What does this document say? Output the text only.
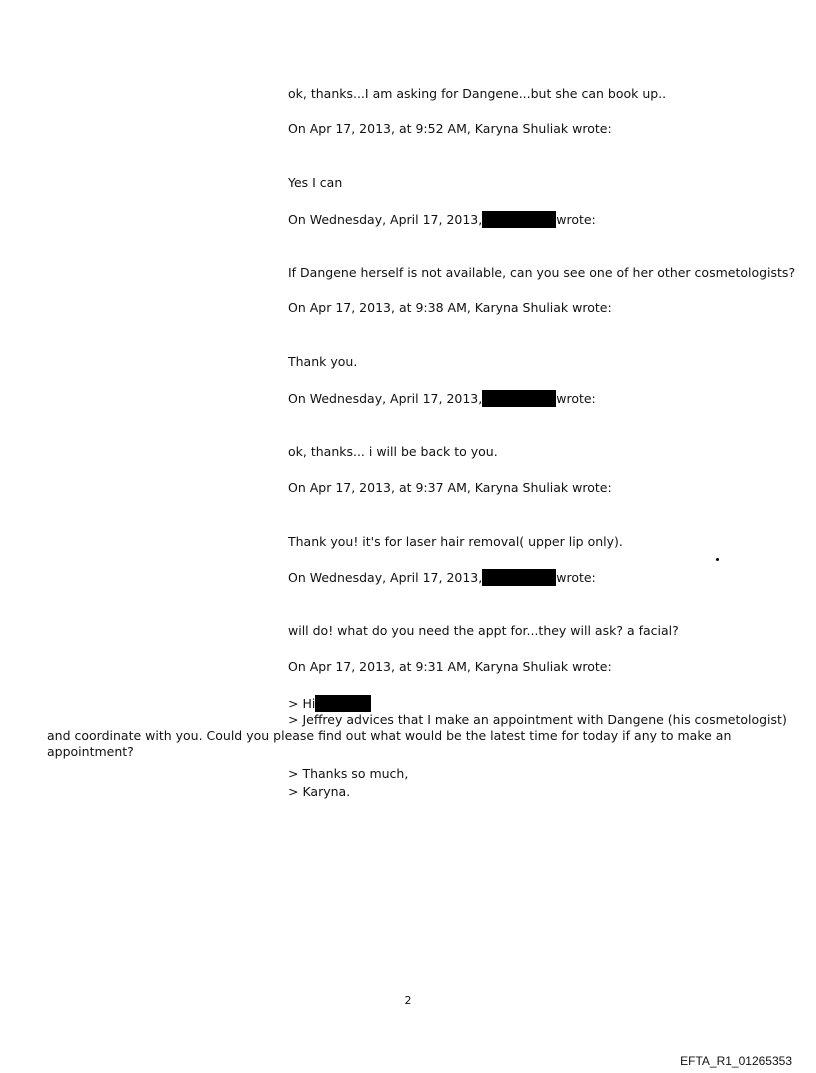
ok, thanks...I am asking for Dangene...but she can book up..
On Apr 17, 2013, at 9:52 AM, Karyna Shuliak wrote:
Yes I can
On Wednesday, April 17, 2013,	wrote:
If Dangene herself is not available, can you see one of her other cosmetologists?
On Apr 17, 2013, at 9:38 AM, Karyna Shuliak wrote:
Thank you.
On Wednesday, April 17, 2013,	wrote:
ok, thanks... i will be back to you.
On Apr 17, 2013, at 9:37 AM, Karyna Shuliak wrote:
Thank you! it's for laser hair removal( upper lip only).
On Wednesday, April 17, 2013,	wrote:
will do! what do you need the appt for...they will ask? a facial?
On Apr 17, 2013, at 9:31 AM, Karyna Shuliak wrote:
> Hi
> Jeffrey advices that I make an appointment with Dangene (his cosmetologist) and coordinate with you. Could you please find out what would be the latest time for today if any to make an appointment?
> Thanks so much,
> Karyna.
2
EFTA_R1_01265353
